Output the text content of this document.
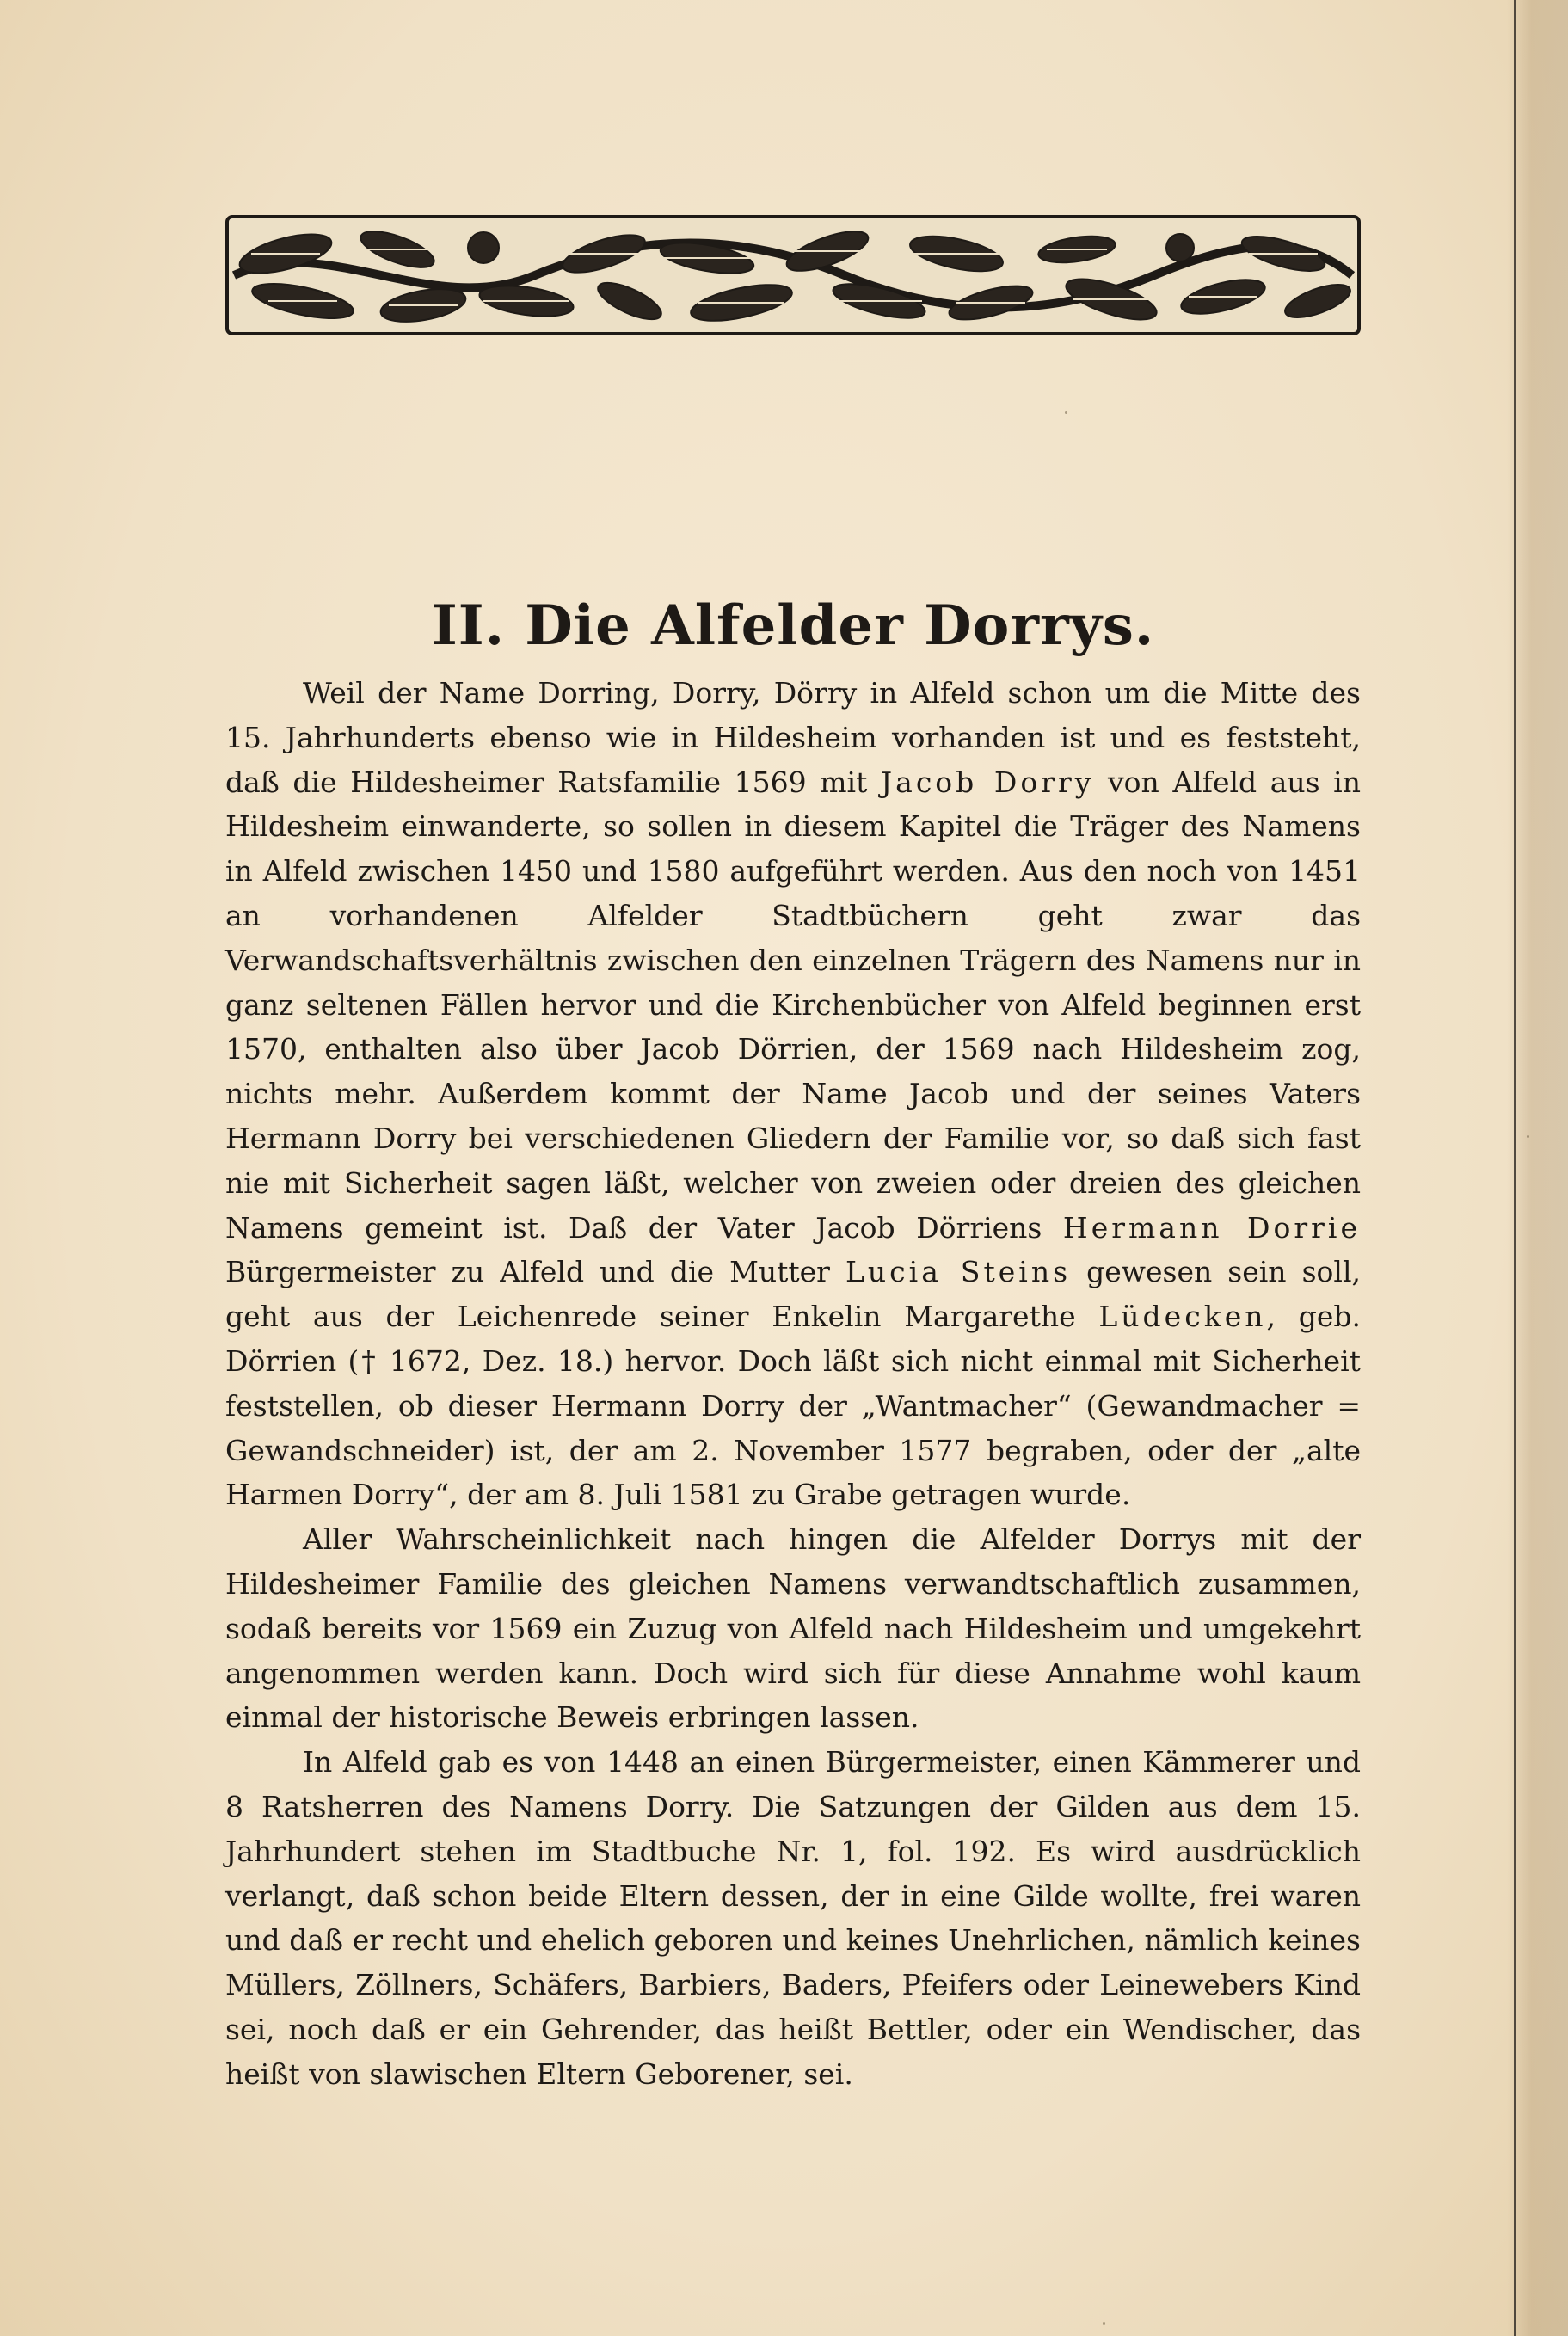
II. Die Alfelder Dorrys.

Weil der Name Dorring, Dorry, Dörry in Alfeld schon um die Mitte des 15. Jahrhunderts ebenso wie in Hildesheim vorhanden ist und es feststeht, daß die Hildesheimer Ratsfamilie 1569 mit Jacob Dorry von Alfeld aus in Hildesheim einwanderte, so sollen in diesem Kapitel die Träger des Namens in Alfeld zwischen 1450 und 1580 aufgeführt werden. Aus den noch von 1451 an vorhandenen Alfelder Stadtbüchern geht zwar das Verwandschaftsverhältnis zwischen den einzelnen Trägern des Namens nur in ganz seltenen Fällen hervor und die Kirchenbücher von Alfeld beginnen erst 1570, enthalten also über Jacob Dörrien, der 1569 nach Hildesheim zog, nichts mehr. Außerdem kommt der Name Jacob und der seines Vaters Hermann Dorry bei verschiedenen Gliedern der Familie vor, so daß sich fast nie mit Sicherheit sagen läßt, welcher von zweien oder dreien des gleichen Namens gemeint ist. Daß der Vater Jacob Dörriens Hermann Dorrie Bürgermeister zu Alfeld und die Mutter Lucia Steins gewesen sein soll, geht aus der Leichenrede seiner Enkelin Margarethe Lüdecken, geb. Dörrien († 1672, Dez. 18.) hervor. Doch läßt sich nicht einmal mit Sicherheit feststellen, ob dieser Hermann Dorry der „Wantmacher“ (Gewandmacher = Gewandschneider) ist, der am 2. November 1577 begraben, oder der „alte Harmen Dorry“, der am 8. Juli 1581 zu Grabe getragen wurde.

Aller Wahrscheinlichkeit nach hingen die Alfelder Dorrys mit der Hildesheimer Familie des gleichen Namens verwandtschaftlich zusammen, sodaß bereits vor 1569 ein Zuzug von Alfeld nach Hildesheim und umgekehrt angenommen werden kann. Doch wird sich für diese Annahme wohl kaum einmal der historische Beweis erbringen lassen.

In Alfeld gab es von 1448 an einen Bürgermeister, einen Kämmerer und 8 Ratsherren des Namens Dorry. Die Satzungen der Gilden aus dem 15. Jahrhundert stehen im Stadtbuche Nr. 1, fol. 192. Es wird ausdrücklich verlangt, daß schon beide Eltern dessen, der in eine Gilde wollte, frei waren und daß er recht und ehelich geboren und keines Unehrlichen, nämlich keines Müllers, Zöllners, Schäfers, Barbiers, Baders, Pfeifers oder Leinewebers Kind sei, noch daß er ein Gehrender, das heißt Bettler, oder ein Wendischer, das heißt von slawischen Eltern Geborener, sei.
